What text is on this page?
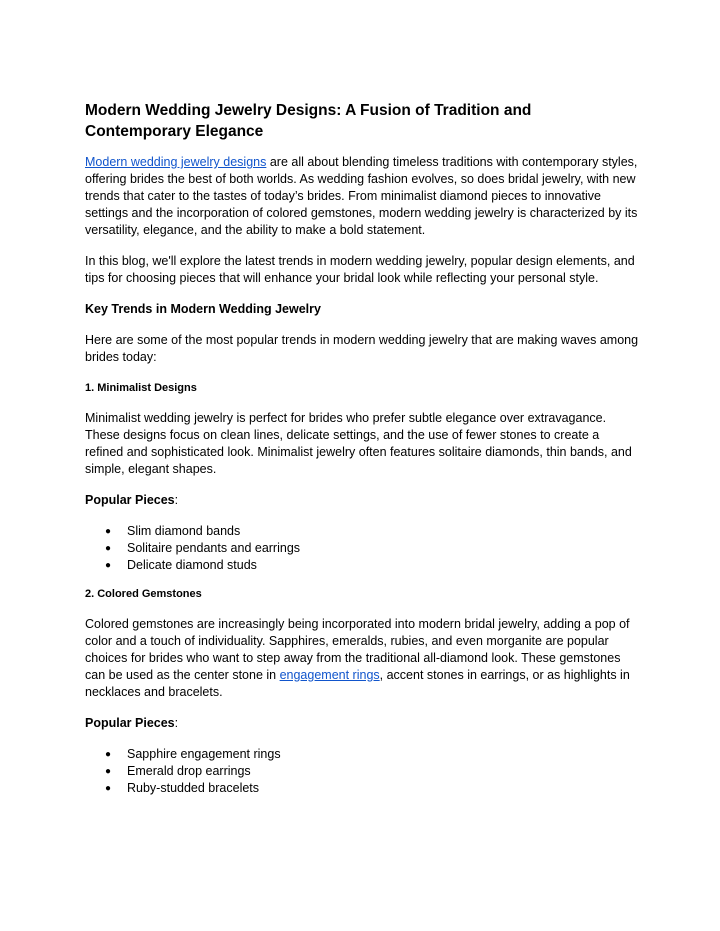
Modern Wedding Jewelry Designs: A Fusion of Tradition and Contemporary Elegance

Modern wedding jewelry designs are all about blending timeless traditions with contemporary styles, offering brides the best of both worlds. As wedding fashion evolves, so does bridal jewelry, with new trends that cater to the tastes of today’s brides. From minimalist diamond pieces to innovative settings and the incorporation of colored gemstones, modern wedding jewelry is characterized by its versatility, elegance, and the ability to make a bold statement.

In this blog, we'll explore the latest trends in modern wedding jewelry, popular design elements, and tips for choosing pieces that will enhance your bridal look while reflecting your personal style.

Key Trends in Modern Wedding Jewelry

Here are some of the most popular trends in modern wedding jewelry that are making waves among brides today:

1. Minimalist Designs

Minimalist wedding jewelry is perfect for brides who prefer subtle elegance over extravagance. These designs focus on clean lines, delicate settings, and the use of fewer stones to create a refined and sophisticated look. Minimalist jewelry often features solitaire diamonds, thin bands, and simple, elegant shapes.

Popular Pieces:

● Slim diamond bands
● Solitaire pendants and earrings
● Delicate diamond studs

2. Colored Gemstones

Colored gemstones are increasingly being incorporated into modern bridal jewelry, adding a pop of color and a touch of individuality. Sapphires, emeralds, rubies, and even morganite are popular choices for brides who want to step away from the traditional all-diamond look. These gemstones can be used as the center stone in engagement rings, accent stones in earrings, or as highlights in necklaces and bracelets.

Popular Pieces:

● Sapphire engagement rings
● Emerald drop earrings
● Ruby-studded bracelets
